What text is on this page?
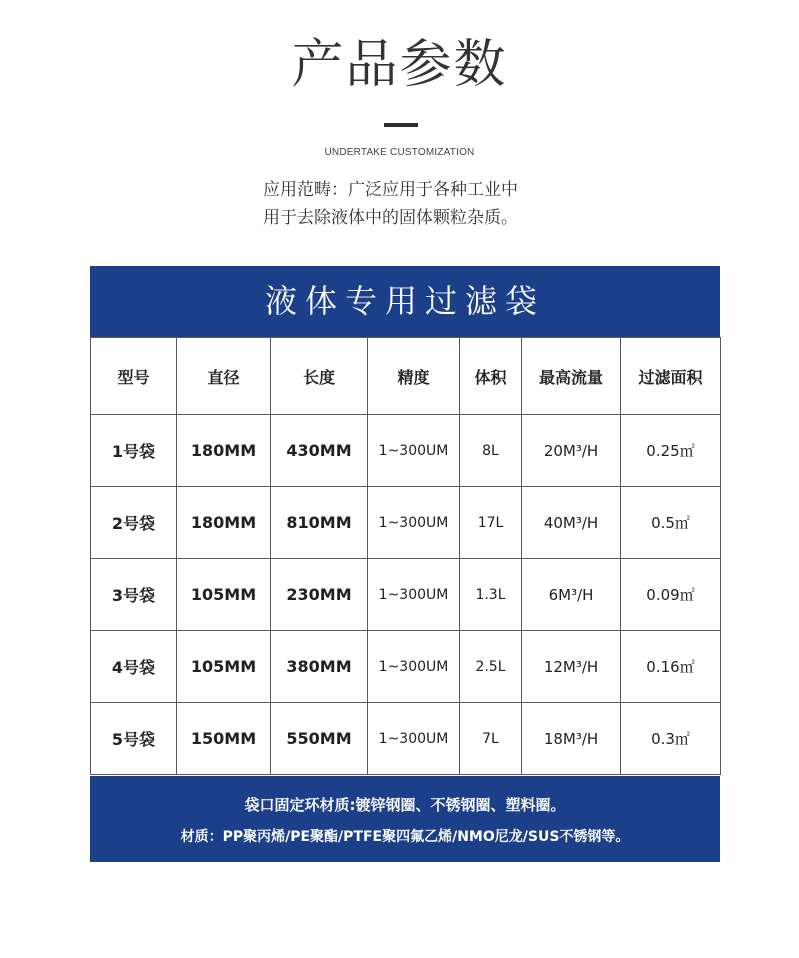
产品参数
UNDERTAKE CUSTOMIZATION
应用范畴：广泛应用于各种工业中
用于去除液体中的固体颗粒杂质。
液体专用过滤袋
型号	直径	长度	精度	体积	最高流量	过滤面积
1号袋	180MM	430MM	1~300UM	8L	20M³/H	0.25㎡
2号袋	180MM	810MM	1~300UM	17L	40M³/H	0.5㎡
3号袋	105MM	230MM	1~300UM	1.3L	6M³/H	0.09㎡
4号袋	105MM	380MM	1~300UM	2.5L	12M³/H	0.16㎡
5号袋	150MM	550MM	1~300UM	7L	18M³/H	0.3㎡
袋口固定环材质:镀锌钢圈、不锈钢圈、塑料圈。
材质：PP聚丙烯/PE聚酯/PTFE聚四氟乙烯/NMO尼龙/SUS不锈钢等。
